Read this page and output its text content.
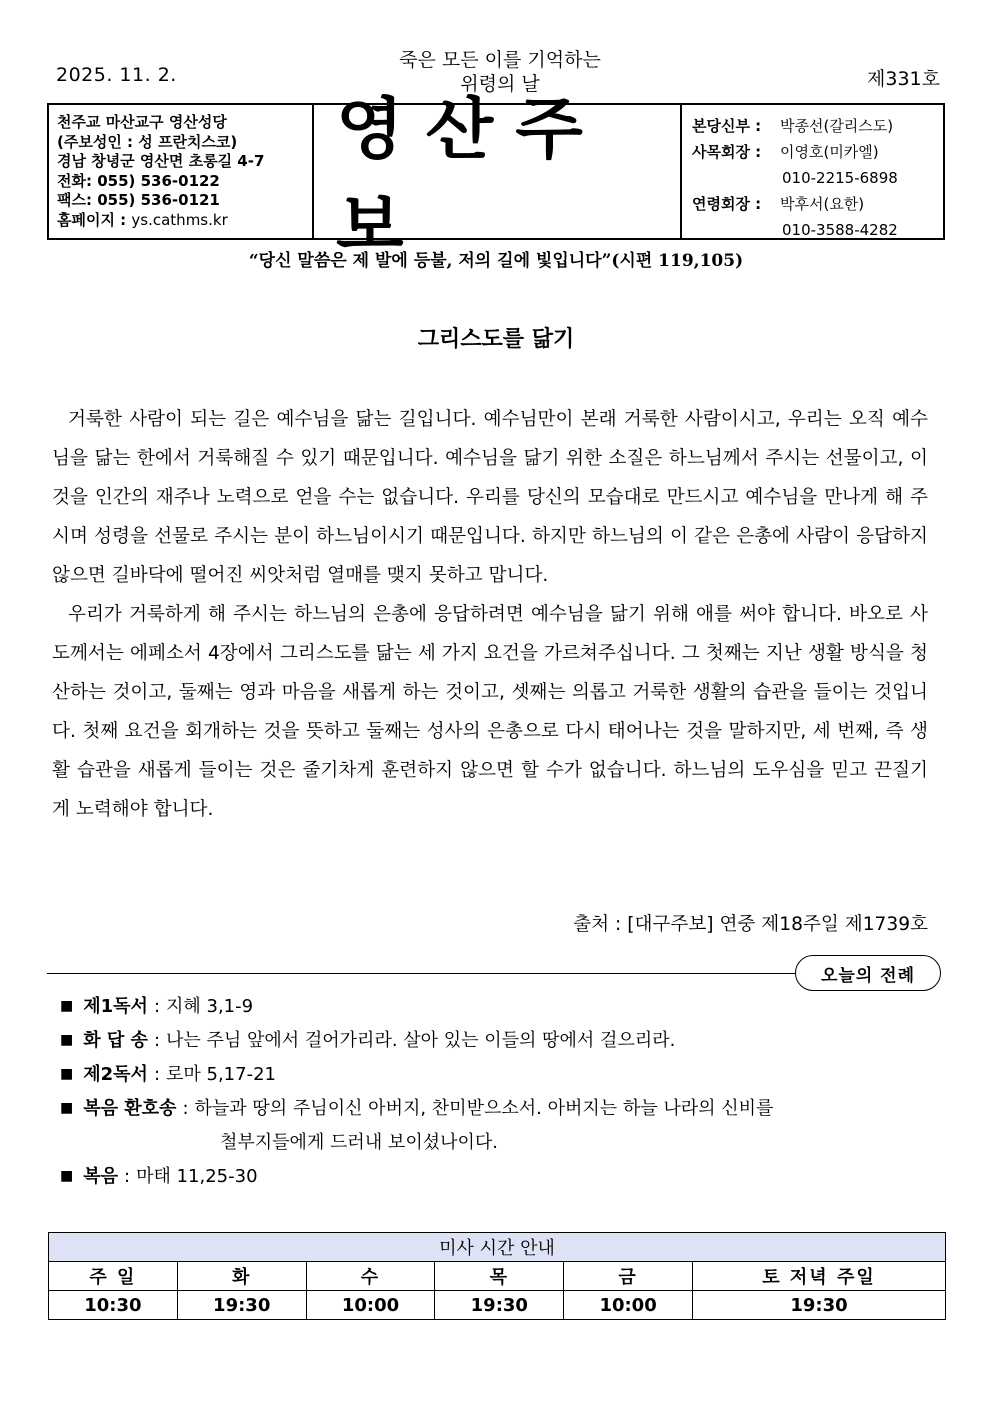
2025. 11. 2.
죽은 모든 이를 기억하는
위령의 날	제331호
천주교 마산교구 영산성당
(주보성인 : 성 프란치스코)
경남 창녕군 영산면 초롱길 4-7
전화: 055) 536-0122
팩스: 055) 536-0121
홈페이지 : ys.cathms.kr
영산주보
본당신부 :	박종선(갈리스도)
사목회장 :	이영호(미카엘)
010-2215-6898
연령회장 :	박후서(요한)
010-3588-4282
“당신 말씀은 제 발에 등불, 저의 길에 빛입니다”(시편 119,105)
그리스도를 닮기

거룩한 사람이 되는 길은 예수님을 닮는 길입니다. 예수님만이 본래 거룩한 사람이시고, 우리는 오직 예수님을 닮는 한에서 거룩해질 수 있기 때문입니다. 예수님을 닮기 위한 소질은 하느님께서 주시는 선물이고, 이것을 인간의 재주나 노력으로 얻을 수는 없습니다. 우리를 당신의 모습대로 만드시고 예수님을 만나게 해 주시며 성령을 선물로 주시는 분이 하느님이시기 때문입니다. 하지만 하느님의 이 같은 은총에 사람이 응답하지 않으면 길바닥에 떨어진 씨앗처럼 열매를 맺지 못하고 맙니다.

우리가 거룩하게 해 주시는 하느님의 은총에 응답하려면 예수님을 닮기 위해 애를 써야 합니다. 바오로 사도께서는 에페소서 4장에서 그리스도를 닮는 세 가지 요건을 가르쳐주십니다. 그 첫째는 지난 생활 방식을 청산하는 것이고, 둘째는 영과 마음을 새롭게 하는 것이고, 셋째는 의롭고 거룩한 생활의 습관을 들이는 것입니다. 첫째 요건을 회개하는 것을 뜻하고 둘째는 성사의 은총으로 다시 태어나는 것을 말하지만, 세 번째, 즉 생활 습관을 새롭게 들이는 것은 줄기차게 훈련하지 않으면 할 수가 없습니다. 하느님의 도우심을 믿고 끈질기게 노력해야 합니다.

출처 : [대구주보] 연중 제18주일 제1739호
오늘의 전례
■ 제1독서 : 지혜 3,1-9
■ 화 답 송 : 나는 주님 앞에서 걸어가리라. 살아 있는 이들의 땅에서 걸으리라.
■ 제2독서 : 로마 5,17-21
■ 복음 환호송 : 하늘과 땅의 주님이신 아버지, 찬미받으소서. 아버지는 하늘 나라의 신비를
철부지들에게 드러내 보이셨나이다.
■ 복음 : 마태 11,25-30
미사 시간 안내					
주 일	화	수	목	금	토 저녁 주일
10:30	19:30	10:00	19:30	10:00	19:30
